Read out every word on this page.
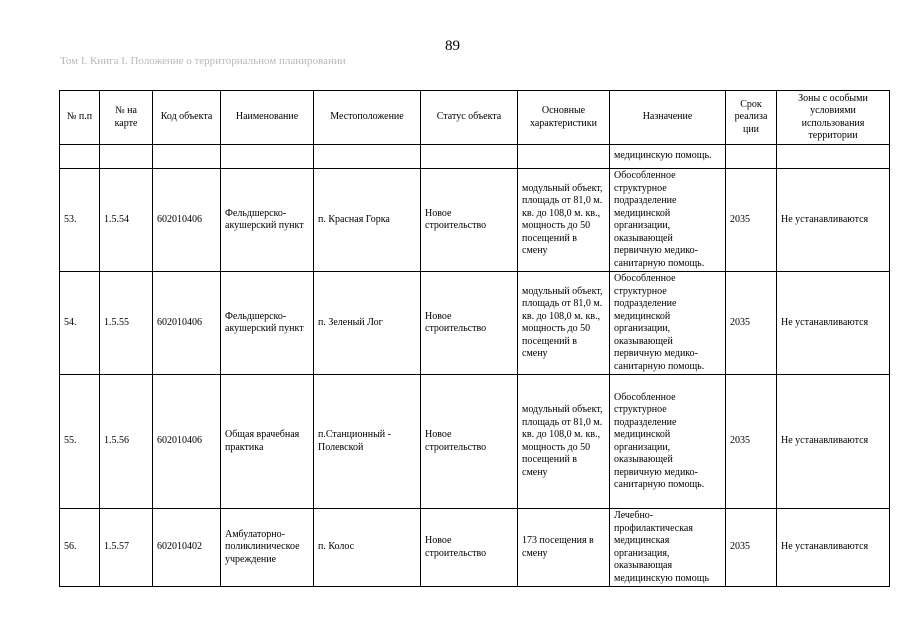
89
Том I. Книга I. Положение о территориальном планировании
№ п.п	№ на карте	Код объекта	Наименование	Местоположение	Статус объекта	Основные характеристики	Назначение	Срок реализа ции	Зоны с особыми условиями использования территории
							медицинскую помощь.		
53.	1.5.54	602010406	Фельдшерско-акушерский пункт	п. Красная Горка	Новое строительство	модульный объект, площадь от 81,0 м. кв. до 108,0 м. кв., мощность до 50 посещений в смену	Обособленное структурное подразделение медицинской организации, оказывающей первичную медико-санитарную помощь.	2035	Не устанавливаются
54.	1.5.55	602010406	Фельдшерско-акушерский пункт	п. Зеленый Лог	Новое строительство	модульный объект, площадь от 81,0 м. кв. до 108,0 м. кв., мощность до 50 посещений в смену	Обособленное структурное подразделение медицинской организации, оказывающей первичную медико-санитарную помощь.	2035	Не устанавливаются
55.	1.5.56	602010406	Общая врачебная практика	п.Станционный - Полевской	Новое строительство	модульный объект, площадь от 81,0 м. кв. до 108,0 м. кв., мощность до 50 посещений в смену	Обособленное структурное подразделение медицинской организации, оказывающей первичную медико-санитарную помощь.	2035	Не устанавливаются
56.	1.5.57	602010402	Амбулаторно-поликлиническое учреждение	п. Колос	Новое строительство	173 посещения в смену	Лечебно-профилактическая медицинская организация, оказывающая медицинскую помощь	2035	Не устанавливаются
